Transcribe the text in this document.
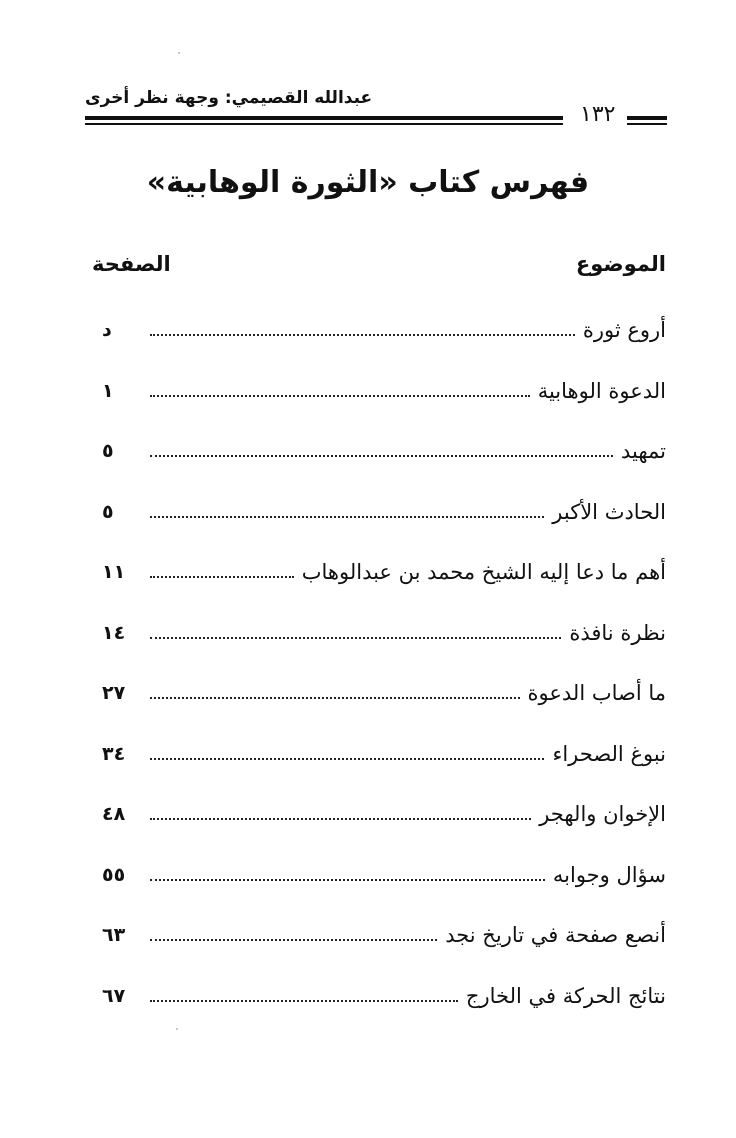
عبدالله القصيمي: وجهة نظر أخرى
١٣٢
فهرس كتاب «الثورة الوهابية»
الموضوع
الصفحة
أروع ثورة
د
الدعوة الوهابية
١
تمهيد
٥
الحادث الأكبر
٥
أهم ما دعا إليه الشيخ محمد بن عبدالوهاب
١١
نظرة نافذة
١٤
ما أصاب الدعوة
٢٧
نبوغ الصحراء
٣٤
الإخوان والهجر
٤٨
سؤال وجوابه
٥٥
أنصع صفحة في تاريخ نجد
٦٣
نتائج الحركة في الخارج
٦٧
